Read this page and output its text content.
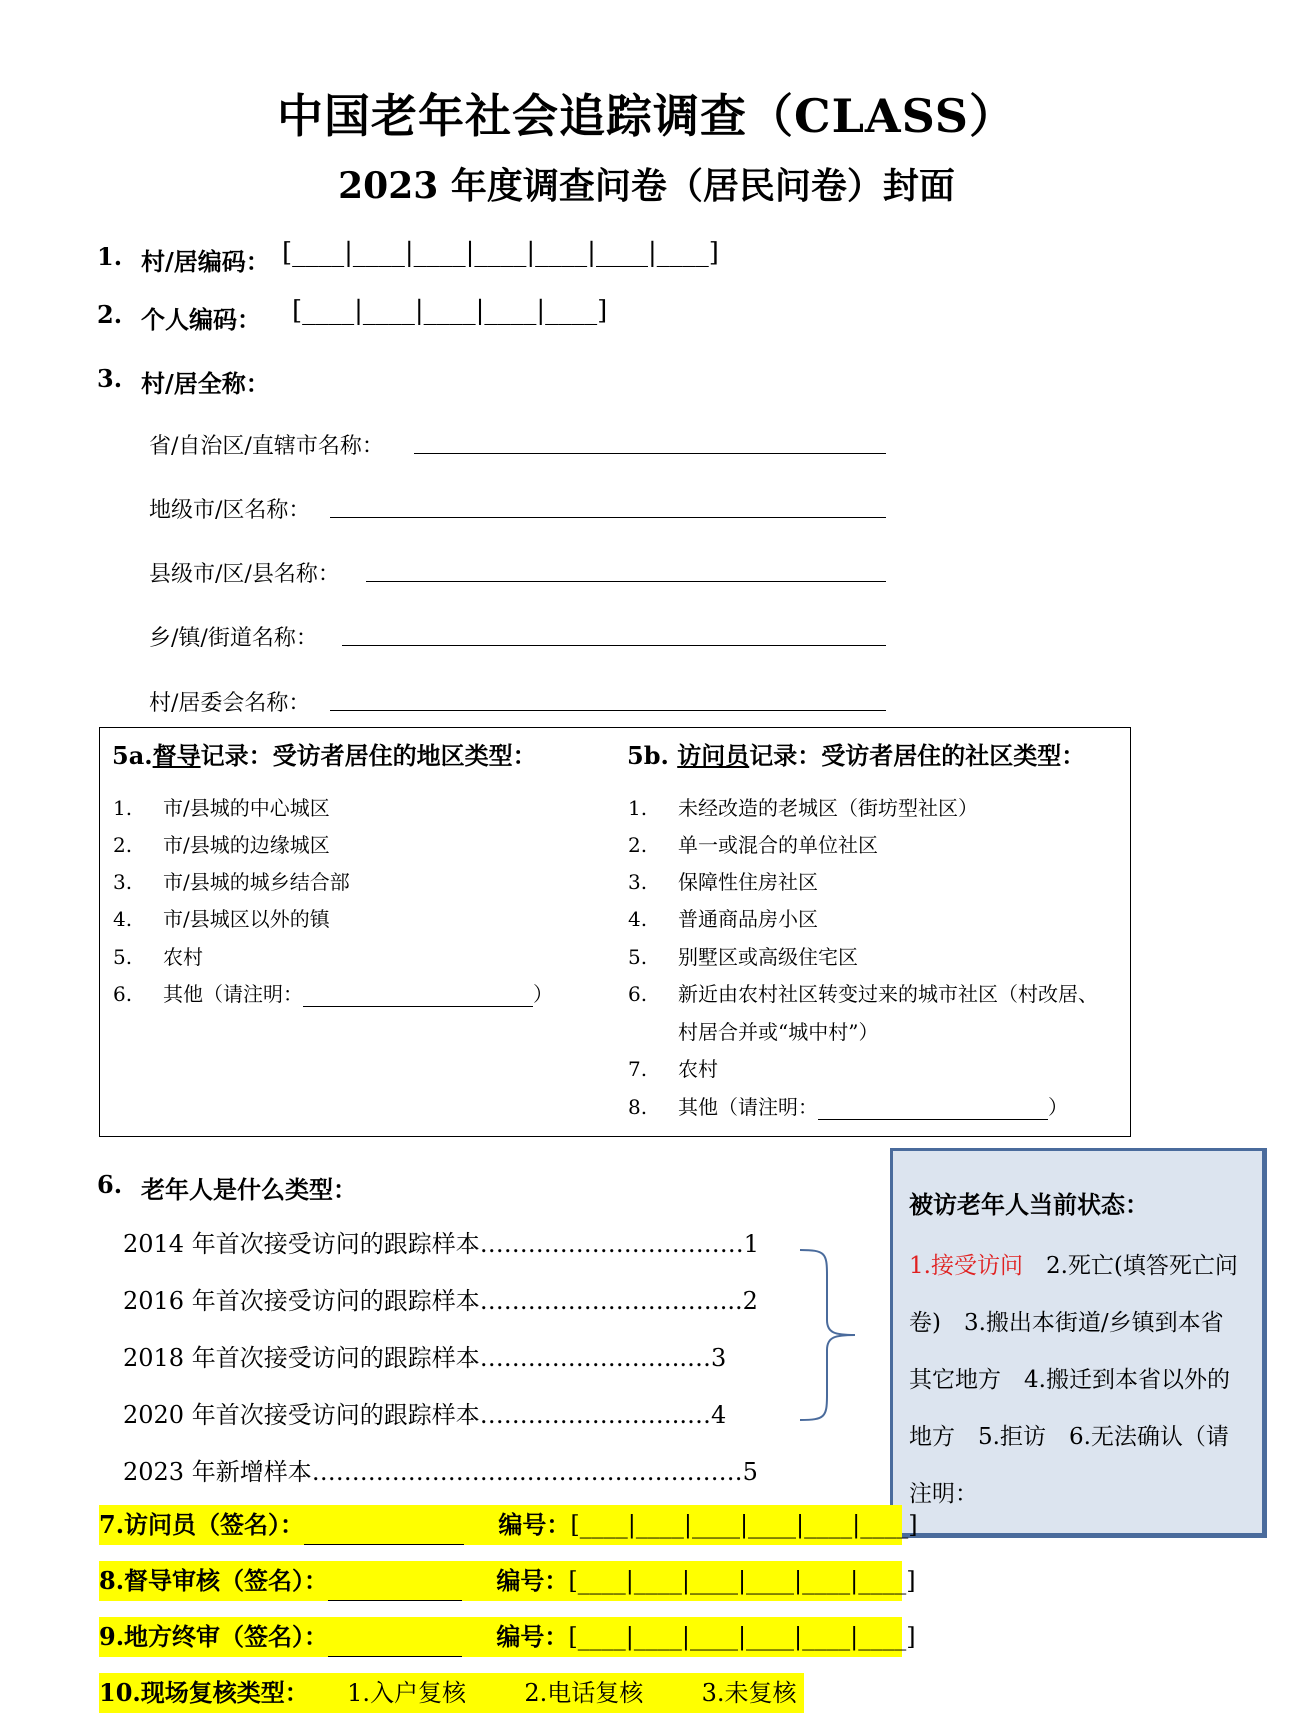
中国老年社会追踪调查（CLASS）
2023 年度调查问卷（居民问卷）封面
1. 村/居编码： [____|____|____|____|____|____|____]
2. 个人编码： [____|____|____|____|____]
3. 村/居全称：
省/自治区/直辖市名称：
地级市/区名称：
县级市/区/县名称：
乡/镇/街道名称：
村/居委会名称：
5a.督导记录：受访者居住的地区类型：	5b. 访问员记录：受访者居住的社区类型：
1. 市/县城的中心城区
2. 市/县城的边缘城区
3. 市/县城的城乡结合部
4. 市/县城区以外的镇
5. 农村
6. 其他（请注明：	）
1. 未经改造的老城区（街坊型社区）
2. 单一或混合的单位社区
3. 保障性住房社区
4. 普通商品房小区
5. 别墅区或高级住宅区
6. 新近由农村社区转变过来的城市社区（村改居、
村居合并或“城中村”）
7. 农村
8. 其他（请注明：	）
6. 老年人是什么类型：
2014 年首次接受访问的跟踪样本……………………………1
2016 年首次接受访问的跟踪样本…………………………...2
2018 年首次接受访问的跟踪样本……………………..…3
2020 年首次接受访问的跟踪样本……………………..…4
2023 年新增样本……………………...………………………5
被访老年人当前状态：
1.接受访问　 2.死亡(填答死亡问卷)　3.搬出本街道/乡镇到本省其它地方　4.搬迁到本省以外的地方　5.拒访　6.无法确认（请注明：
7.访问员（签名）：	编号：[____|____|____|____|____|____]
8.督导审核（签名）：	编号：[____|____|____|____|____|____]
9.地方终审（签名）：	编号：[____|____|____|____|____|____]
10.现场复核类型： 1.入户复核 2.电话复核 3.未复核
